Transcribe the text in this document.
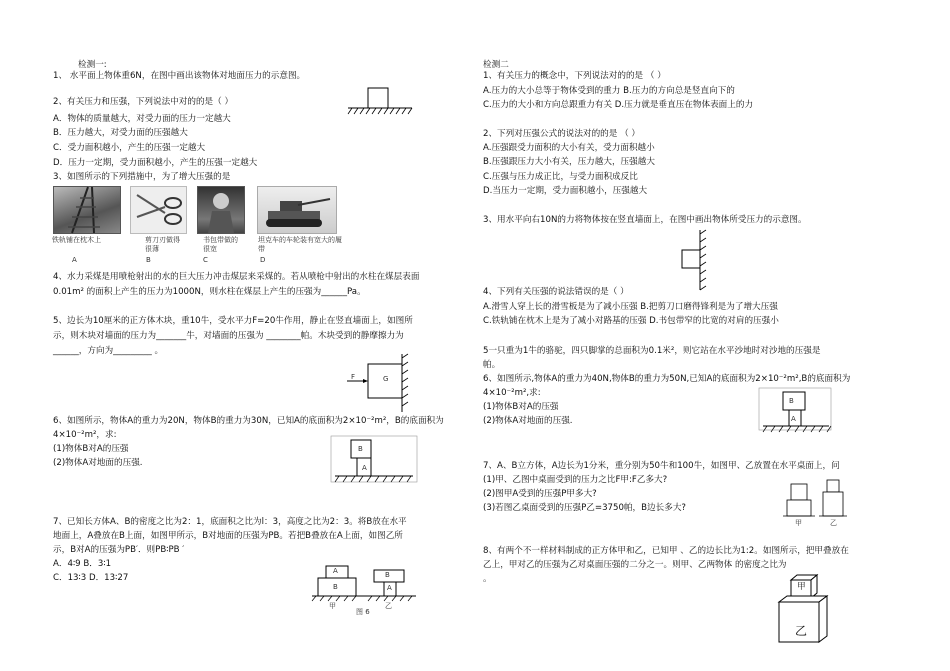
检测一:
1、 水平面上物体重6N，在图中画出该物体对地面压力的示意图。
2、有关压力和压强，下列说法中对的的是（ ）
A．物体的质量越大，对受力面的压力一定越大
B．压力越大，对受力面的压强越大
C．受力面积越小，产生的压强一定越大
D．压力一定期，受力面积越小，产生的压强一定越大
3、如图所示的下列措施中，为了增大压强的是
铁轨铺在枕木上	剪刀刃做得很薄
书包带做的很宽
坦克车的车轮装有宽大的履带
A	B	C	D
4、水力采煤是用喷枪射出的水的巨大压力冲击煤层来采煤的。若从喷枪中射出的水柱在煤层表面
0.01m² 的面积上产生的压力为1000N，则水柱在煤层上产生的压强为______Pa。
5、边长为10厘米的正方体木块，重10牛，受水平力F=20牛作用，静止在竖直墙面上，如图所
示，则木块对墙面的压力为_______牛，对墙面的压强为 ________帕。木块受到的静摩擦力为
______，方向为_________ 。
F	G
6、如图所示，物体A的重力为20N，物体B的重力为30N，已知A的底面积为2×10⁻²m²，B的底面积为
4×10⁻²m²，求:
(1)物体B对A的压强
(2)物体A对地面的压强.
B
A
7、已知长方体A、B的密度之比为2：1，底面积之比为l：3，高度之比为2：3。将B放在水平
地面上，A叠放在B上面，如图甲所示，B对地面的压强为PB。若把B叠放在A上面，如图乙所
示，B对A的压强为PB′．则PB∶PB ′
A．4∶9 B．3∶1
C．13∶3 D．13∶27
A
B
B
A
甲	乙
图 6
检测二
1、有关压力的概念中，下列说法对的的是 （ ）
A.压力的大小总等于物体受到的重力 B.压力的方向总是竖直向下的
C.压力的大小和方向总跟重力有关 D.压力就是垂直压在物体表面上的力
2、下列对压强公式的说法对的的是 （ ）
A.压强跟受力面积的大小有关，受力面积越小
B.压强跟压力大小有关，压力越大，压强越大
C.压强与压力成正比，与受力面积成反比
D.当压力一定期，受力面积越小，压强越大
3、用水平向右10N的力将物体按在竖直墙面上，在图中画出物体所受压力的示意图。
4、下列有关压强的说法错误的是（ ）
A.滑雪人穿上长的滑雪板是为了减小压强 B.把剪刀口磨得锋利是为了增大压强
C.铁轨铺在枕木上是为了减小对路基的压强 D.书包带窄的比宽的对肩的压强小
5一只重为1牛的骆驼，四只脚掌的总面积为0.1米²，则它站在水平沙地时对沙地的压强是
帕。
6、如图所示,物体A的重力为40N,物体B的重力为50N,已知A的底面积为2×10⁻²m²,B的底面积为
4×10⁻²m²,求:
(1)物体B对A的压强
(2)物体A对地面的压强.
B
A
7、A、B立方体，A边长为1分米，重分别为50牛和100牛，如图甲、乙放置在水平桌面上，问
(1)甲、乙图中桌面受到的压力之比F甲:F乙多大?
(2)图甲A受到的压强P甲多大?
(3)若图乙桌面受到的压强P乙=3750帕，B边长多大?
甲	乙
8、有两个不一样材料制成的正方体甲和乙，已知甲 、乙的边长比为1:2。如图所示，把甲叠放在
乙上，甲对乙的压强为乙对桌面压强的二分之一。则甲、乙两物体 的密度之比为
。
甲
乙
